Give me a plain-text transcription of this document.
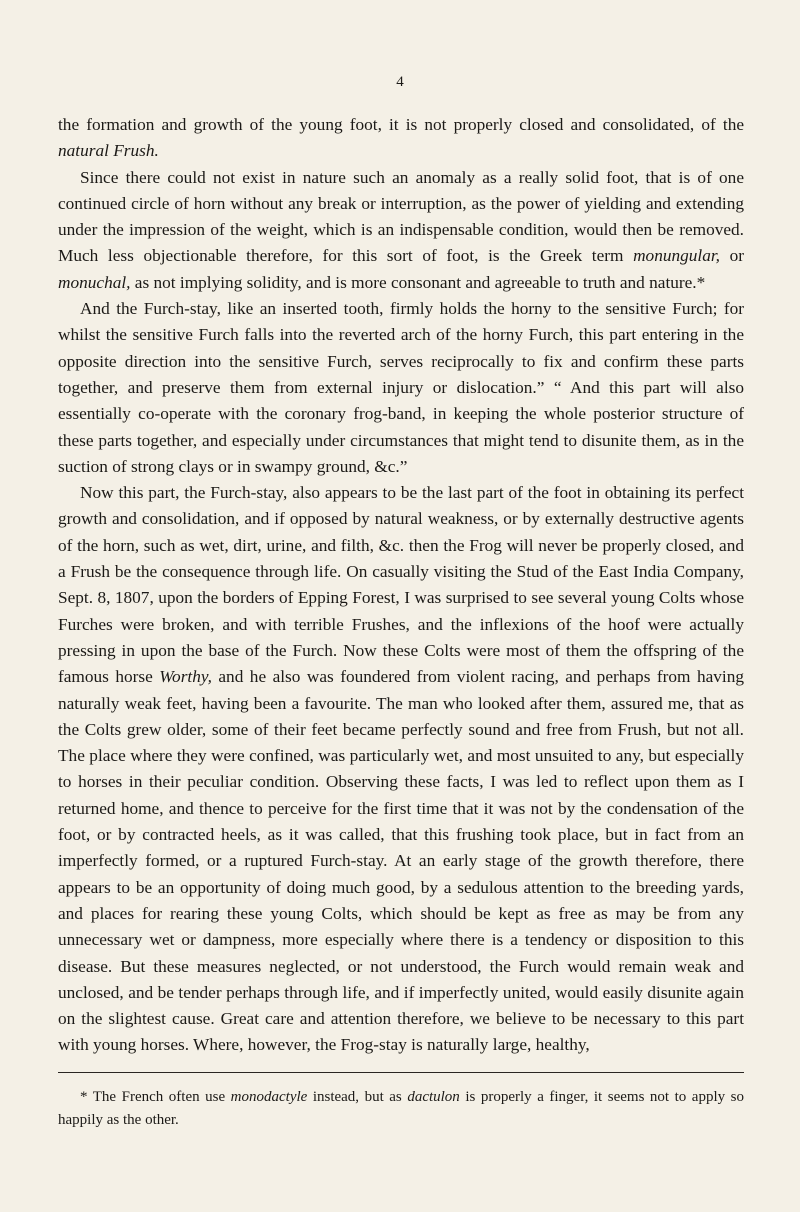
4

the formation and growth of the young foot, it is not properly closed and consolidated, of the natural Frush.

Since there could not exist in nature such an anomaly as a really solid foot, that is of one continued circle of horn without any break or interruption, as the power of yielding and extending under the impression of the weight, which is an indispensable condition, would then be removed. Much less objectionable therefore, for this sort of foot, is the Greek term monungular, or monuchal, as not implying solidity, and is more consonant and agreeable to truth and nature.*

And the Furch-stay, like an inserted tooth, firmly holds the horny to the sensitive Furch; for whilst the sensitive Furch falls into the reverted arch of the horny Furch, this part entering in the opposite direction into the sensitive Furch, serves reciprocally to fix and confirm these parts together, and preserve them from external injury or dislocation.” “ And this part will also essentially co-operate with the coronary frog-band, in keeping the whole posterior structure of these parts together, and especially under circumstances that might tend to disunite them, as in the suction of strong clays or in swampy ground, &c.”

Now this part, the Furch-stay, also appears to be the last part of the foot in obtaining its perfect growth and consolidation, and if opposed by natural weakness, or by externally destructive agents of the horn, such as wet, dirt, urine, and filth, &c. then the Frog will never be properly closed, and a Frush be the consequence through life. On casually visiting the Stud of the East India Company, Sept. 8, 1807, upon the borders of Epping Forest, I was surprised to see several young Colts whose Furches were broken, and with terrible Frushes, and the inflexions of the hoof were actually pressing in upon the base of the Furch. Now these Colts were most of them the offspring of the famous horse Worthy, and he also was foundered from violent racing, and perhaps from having naturally weak feet, having been a favourite. The man who looked after them, assured me, that as the Colts grew older, some of their feet became perfectly sound and free from Frush, but not all. The place where they were confined, was particularly wet, and most unsuited to any, but especially to horses in their peculiar condition. Observing these facts, I was led to reflect upon them as I returned home, and thence to perceive for the first time that it was not by the condensation of the foot, or by contracted heels, as it was called, that this frushing took place, but in fact from an imperfectly formed, or a ruptured Furch-stay. At an early stage of the growth therefore, there appears to be an opportunity of doing much good, by a sedulous attention to the breeding yards, and places for rearing these young Colts, which should be kept as free as may be from any unnecessary wet or dampness, more especially where there is a tendency or disposition to this disease. But these measures neglected, or not understood, the Furch would remain weak and unclosed, and be tender perhaps through life, and if imperfectly united, would easily disunite again on the slightest cause. Great care and attention therefore, we believe to be necessary to this part with young horses. Where, however, the Frog-stay is naturally large, healthy,

* The French often use monodactyle instead, but as dactulon is properly a finger, it seems not to apply so happily as the other.
